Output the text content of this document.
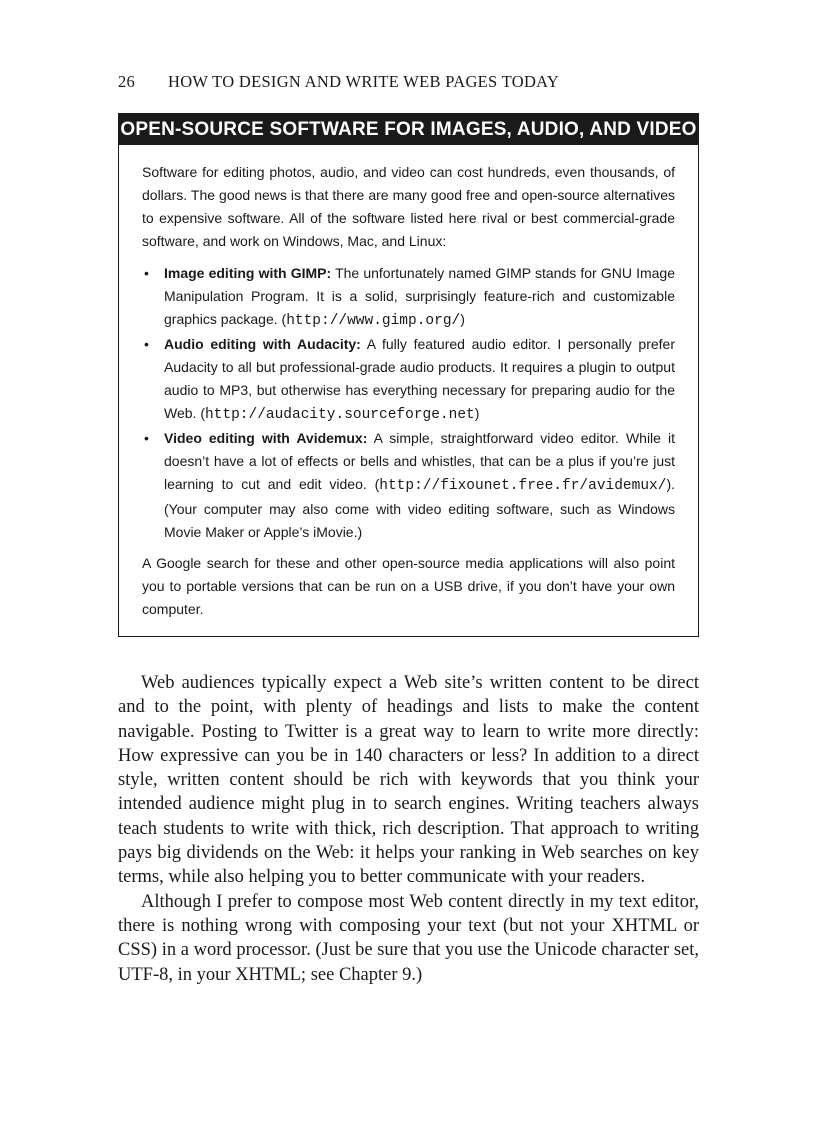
26 HOW TO DESIGN AND WRITE WEB PAGES TODAY
OPEN-SOURCE SOFTWARE FOR IMAGES, AUDIO, AND VIDEO

Software for editing photos, audio, and video can cost hundreds, even thousands, of dollars. The good news is that there are many good free and open-source alternatives to expensive software. All of the software listed here rival or best commercial-grade software, and work on Windows, Mac, and Linux:

• Image editing with GIMP: The unfortunately named GIMP stands for GNU Image Manipulation Program. It is a solid, surprisingly feature-rich and customizable graphics package. (http://www.gimp.org/)
• Audio editing with Audacity: A fully featured audio editor. I personally prefer Audacity to all but professional-grade audio products. It requires a plugin to output audio to MP3, but otherwise has everything necessary for preparing audio for the Web. (http://audacity.sourceforge.net)
• Video editing with Avidemux: A simple, straightforward video editor. While it doesn’t have a lot of effects or bells and whistles, that can be a plus if you’re just learning to cut and edit video. (http://fixounet.free.fr/avidemux/). (Your computer may also come with video editing software, such as Windows Movie Maker or Apple’s iMovie.)

A Google search for these and other open-source media applications will also point you to portable versions that can be run on a USB drive, if you don’t have your own computer.

Web audiences typically expect a Web site’s written content to be direct and to the point, with plenty of headings and lists to make the content navigable. Posting to Twitter is a great way to learn to write more directly: How expressive can you be in 140 characters or less? In addition to a direct style, written content should be rich with keywords that you think your intended audience might plug in to search engines. Writing teachers always teach students to write with thick, rich description. That approach to writing pays big dividends on the Web: it helps your ranking in Web searches on key terms, while also helping you to better communicate with your readers.

Although I prefer to compose most Web content directly in my text editor, there is nothing wrong with composing your text (but not your XHTML or CSS) in a word processor. (Just be sure that you use the Unicode character set, UTF-8, in your XHTML; see Chapter 9.)
